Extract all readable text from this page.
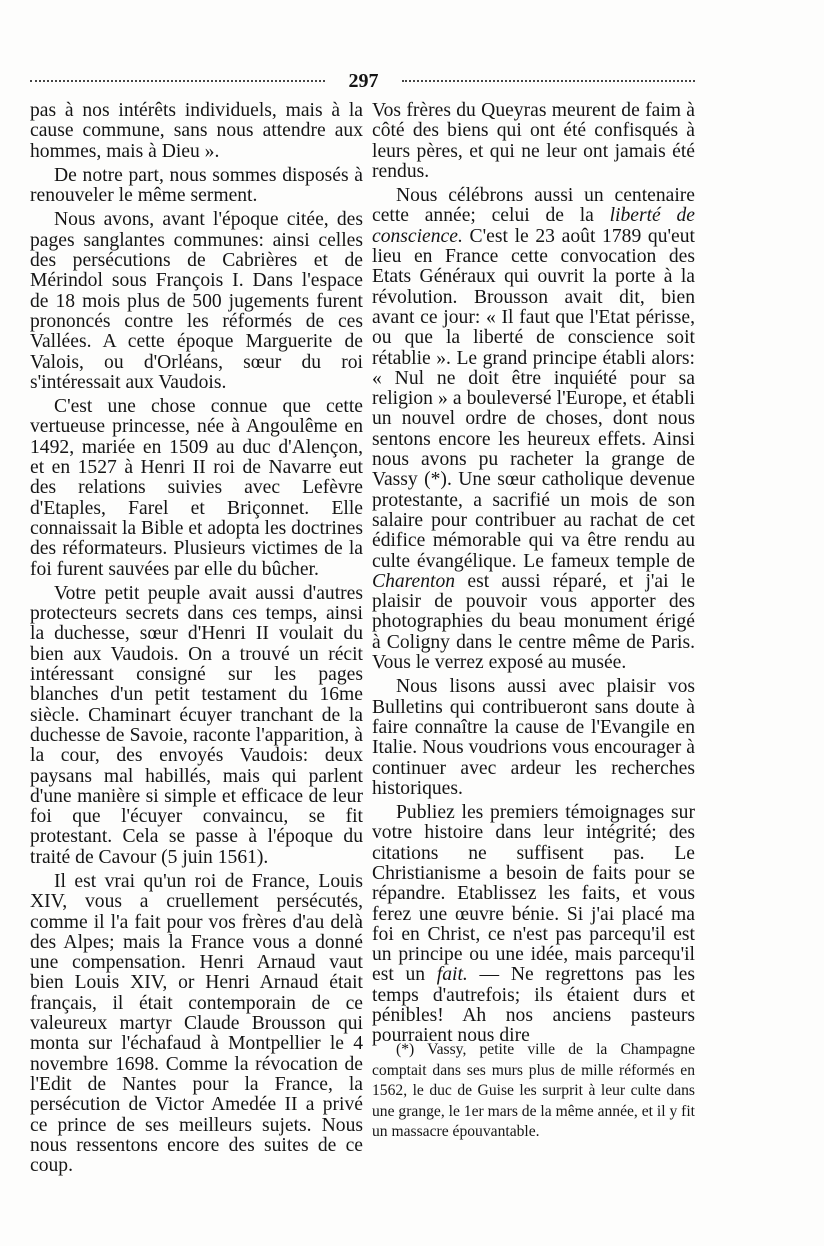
297

pas à nos intérêts individuels, mais à la cause commune, sans nous attendre aux hommes, mais à Dieu ».

De notre part, nous sommes disposés à renouveler le même serment.

Nous avons, avant l'époque citée, des pages sanglantes communes: ainsi celles des persécutions de Cabrières et de Mérindol sous François I. Dans l'espace de 18 mois plus de 500 jugements furent prononcés contre les réformés de ces Vallées. A cette époque Marguerite de Valois, ou d'Orléans, sœur du roi s'intéressait aux Vaudois.

C'est une chose connue que cette vertueuse princesse, née à Angoulême en 1492, mariée en 1509 au duc d'Alençon, et en 1527 à Henri II roi de Navarre eut des relations suivies avec Lefèvre d'Etaples, Farel et Briçonnet. Elle connaissait la Bible et adopta les doctrines des réformateurs. Plusieurs victimes de la foi furent sauvées par elle du bûcher.

Votre petit peuple avait aussi d'autres protecteurs secrets dans ces temps, ainsi la duchesse, sœur d'Henri II voulait du bien aux Vaudois. On a trouvé un récit intéressant consigné sur les pages blanches d'un petit testament du 16me siècle. Chaminart écuyer tranchant de la duchesse de Savoie, raconte l'apparition, à la cour, des envoyés Vaudois: deux paysans mal habillés, mais qui parlent d'une manière si simple et efficace de leur foi que l'écuyer convaincu, se fit protestant. Cela se passe à l'époque du traité de Cavour (5 juin 1561).

Il est vrai qu'un roi de France, Louis XIV, vous a cruellement persécutés, comme il l'a fait pour vos frères d'au delà des Alpes; mais la France vous a donné une compensation. Henri Arnaud vaut bien Louis XIV, or Henri Arnaud était français, il était contemporain de ce valeureux martyr Claude Brousson qui monta sur l'échafaud à Montpellier le 4 novembre 1698. Comme la révocation de l'Edit de Nantes pour la France, la persécution de Victor Amedée II a privé ce prince de ses meilleurs sujets. Nous nous ressentons encore des suites de ce coup.

Vos frères du Queyras meurent de faim à côté des biens qui ont été confisqués à leurs pères, et qui ne leur ont jamais été rendus.

Nous célébrons aussi un centenaire cette année; celui de la liberté de conscience. C'est le 23 août 1789 qu'eut lieu en France cette convocation des Etats Généraux qui ouvrit la porte à la révolution. Brousson avait dit, bien avant ce jour: « Il faut que l'Etat périsse, ou que la liberté de conscience soit rétablie ». Le grand principe établi alors: « Nul ne doit être inquiété pour sa religion » a bouleversé l'Europe, et établi un nouvel ordre de choses, dont nous sentons encore les heureux effets. Ainsi nous avons pu racheter la grange de Vassy (*). Une sœur catholique devenue protestante, a sacrifié un mois de son salaire pour contribuer au rachat de cet édifice mémorable qui va être rendu au culte évangélique. Le fameux temple de Charenton est aussi réparé, et j'ai le plaisir de pouvoir vous apporter des photographies du beau monument érigé à Coligny dans le centre même de Paris. Vous le verrez exposé au musée.

Nous lisons aussi avec plaisir vos Bulletins qui contribueront sans doute à faire connaître la cause de l'Evangile en Italie. Nous voudrions vous encourager à continuer avec ardeur les recherches historiques.

Publiez les premiers témoignages sur votre histoire dans leur intégrité; des citations ne suffisent pas. Le Christianisme a besoin de faits pour se répandre. Etablissez les faits, et vous ferez une œuvre bénie. Si j'ai placé ma foi en Christ, ce n'est pas parcequ'il est un principe ou une idée, mais parcequ'il est un fait. — Ne regrettons pas les temps d'autrefois; ils étaient durs et pénibles! Ah nos anciens pasteurs pourraient nous dire

(*) Vassy, petite ville de la Champagne comptait dans ses murs plus de mille réformés en 1562, le duc de Guise les surprit à leur culte dans une grange, le 1er mars de la même année, et il y fit un massacre épouvantable.
